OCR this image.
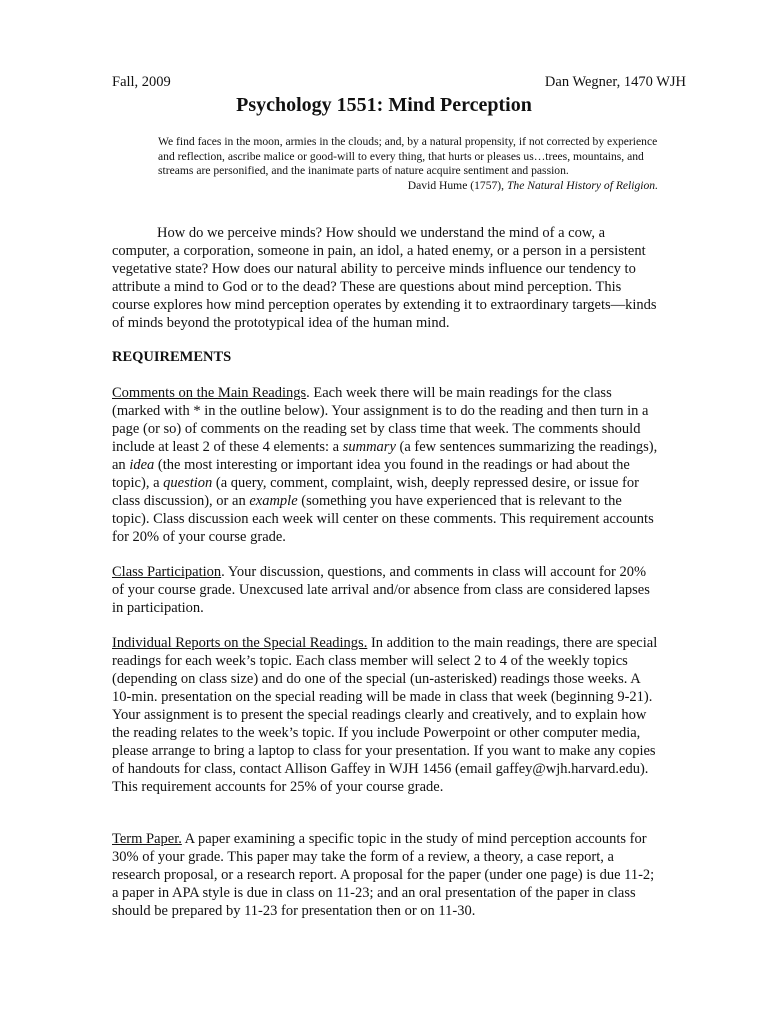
Fall, 2009	Dan Wegner, 1470 WJH
Psychology 1551: Mind Perception

We find faces in the moon, armies in the clouds; and, by a natural propensity, if not corrected by experience and reflection, ascribe malice or good-will to every thing, that hurts or pleases us…trees, mountains, and streams are personified, and the inanimate parts of nature acquire sentiment and passion.

David Hume (1757), The Natural History of Religion.

How do we perceive minds? How should we understand the mind of a cow, a computer, a corporation, someone in pain, an idol, a hated enemy, or a person in a persistent vegetative state? How does our natural ability to perceive minds influence our tendency to attribute a mind to God or to the dead? These are questions about mind perception. This course explores how mind perception operates by extending it to extraordinary targets—kinds of minds beyond the prototypical idea of the human mind.

REQUIREMENTS

Comments on the Main Readings. Each week there will be main readings for the class (marked with * in the outline below). Your assignment is to do the reading and then turn in a page (or so) of comments on the reading set by class time that week. The comments should include at least 2 of these 4 elements: a summary (a few sentences summarizing the readings), an idea (the most interesting or important idea you found in the readings or had about the topic), a question (a query, comment, complaint, wish, deeply repressed desire, or issue for class discussion), or an example (something you have experienced that is relevant to the topic). Class discussion each week will center on these comments. This requirement accounts for 20% of your course grade.

Class Participation. Your discussion, questions, and comments in class will account for 20% of your course grade. Unexcused late arrival and/or absence from class are considered lapses in participation.

Individual Reports on the Special Readings. In addition to the main readings, there are special readings for each week’s topic. Each class member will select 2 to 4 of the weekly topics (depending on class size) and do one of the special (un-asterisked) readings those weeks. A 10-min. presentation on the special reading will be made in class that week (beginning 9-21). Your assignment is to present the special readings clearly and creatively, and to explain how the reading relates to the week’s topic. If you include Powerpoint or other computer media, please arrange to bring a laptop to class for your presentation. If you want to make any copies of handouts for class, contact Allison Gaffey in WJH 1456 (email gaffey@wjh.harvard.edu). This requirement accounts for 25% of your course grade.

Term Paper. A paper examining a specific topic in the study of mind perception accounts for 30% of your grade. This paper may take the form of a review, a theory, a case report, a research proposal, or a research report. A proposal for the paper (under one page) is due 11-2; a paper in APA style is due in class on 11-23; and an oral presentation of the paper in class should be prepared by 11-23 for presentation then or on 11-30.
